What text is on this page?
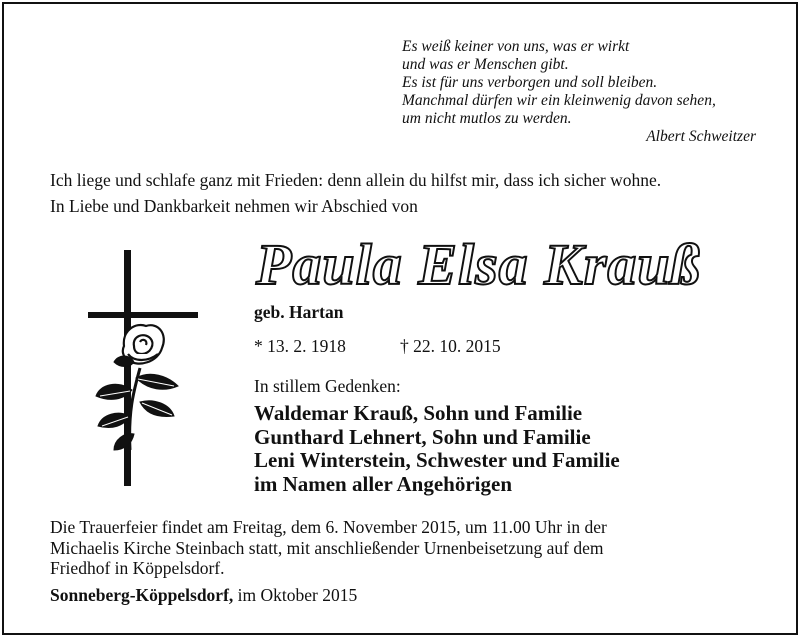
Es weiß keiner von uns, was er wirkt
und was er Menschen gibt.
Es ist für uns verborgen und soll bleiben.
Manchmal dürfen wir ein kleinwenig davon sehen,
um nicht mutlos zu werden.
Albert Schweitzer
Ich liege und schlafe ganz mit Frieden: denn allein du hilfst mir, dass ich sicher wohne.
In Liebe und Dankbarkeit nehmen wir Abschied von
Paula Elsa Krauß
geb. Hartan
* 13. 2. 1918	† 22. 10. 2015
In stillem Gedenken:
Waldemar Krauß, Sohn und Familie
Gunthard Lehnert, Sohn und Familie
Leni Winterstein, Schwester und Familie
im Namen aller Angehörigen
Die Trauerfeier findet am Freitag, dem 6. November 2015, um 11.00 Uhr in der
Michaelis Kirche Steinbach statt, mit anschließender Urnenbeisetzung auf dem
Friedhof in Köppelsdorf.
Sonneberg-Köppelsdorf, im Oktober 2015
